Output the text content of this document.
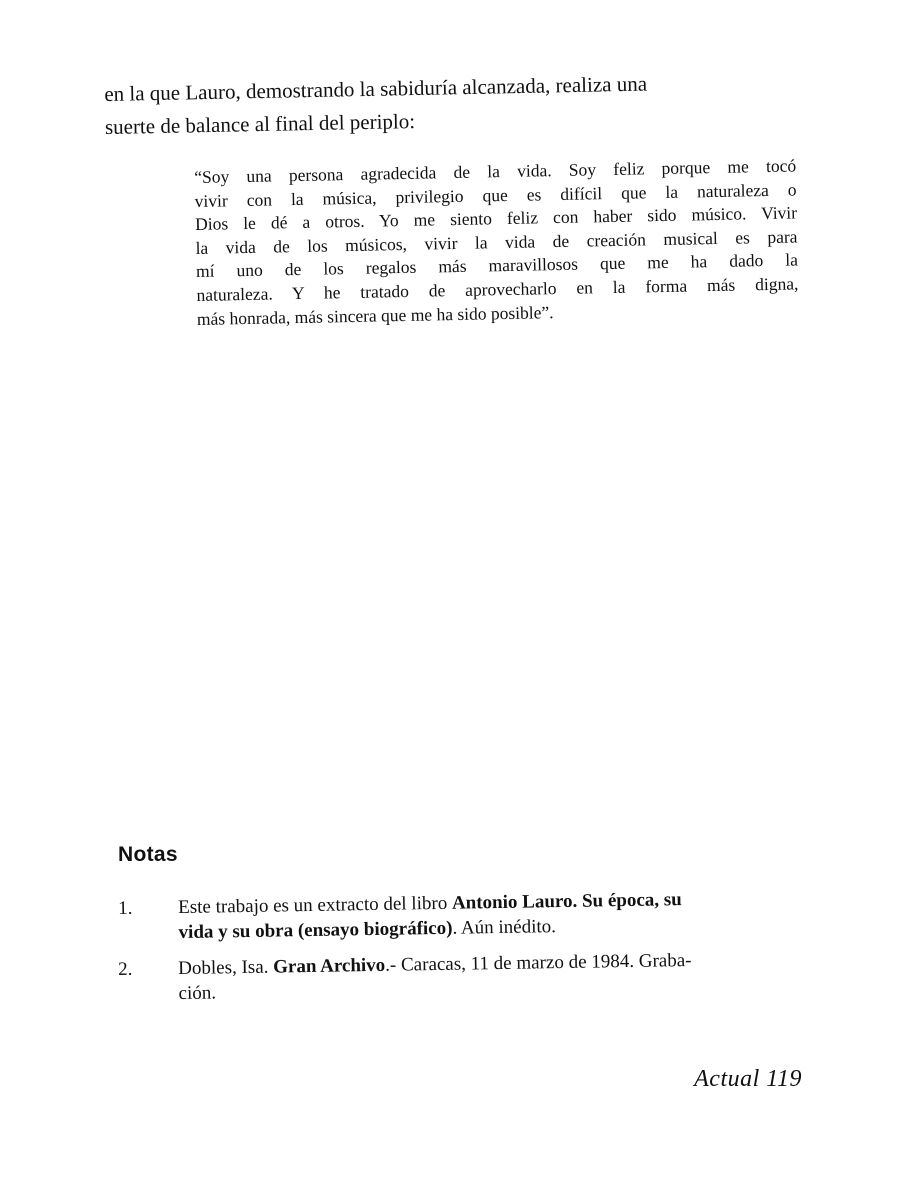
en la que Lauro, demostrando la sabiduría alcanzada, realiza una
suerte de balance al final del periplo:
“Soy una persona agradecida de la vida. Soy feliz porque me tocó
vivir con la música, privilegio que es difícil que la naturaleza o
Dios le dé a otros. Yo me siento feliz con haber sido músico. Vivir
la vida de los músicos, vivir la vida de creación musical es para
mí uno de los regalos más maravillosos que me ha dado la
naturaleza. Y he tratado de aprovecharlo en la forma más digna,
más honrada, más sincera que me ha sido posible”.
Notas
1. Este trabajo es un extracto del libro Antonio Lauro. Su época, su
vida y su obra (ensayo biográfico). Aún inédito.
2. Dobles, Isa. Gran Archivo.- Caracas, 11 de marzo de 1984. Graba-
ción.
Actual 119
